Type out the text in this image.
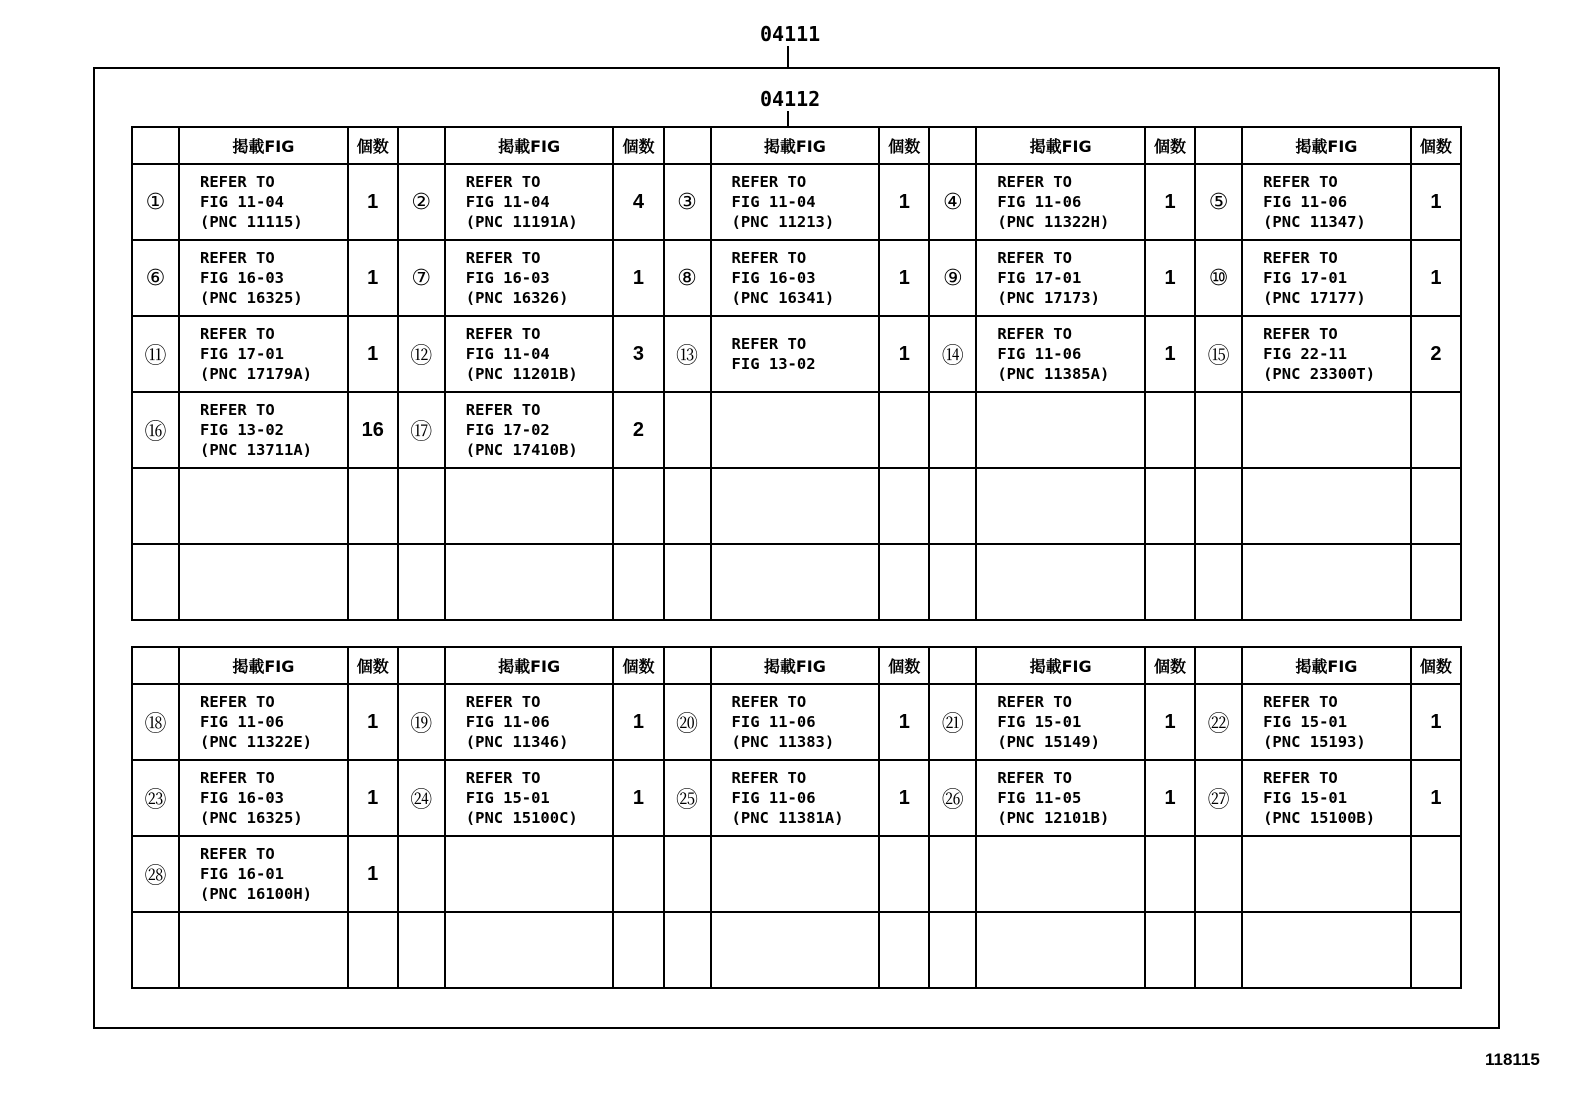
04111
04112
	掲載FIG	個数		掲載FIG	個数		掲載FIG	個数		掲載FIG	個数		掲載FIG	個数
①	REFER TO
FIG 11-04
(PNC 11115)	1	②	REFER TO
FIG 11-04
(PNC 11191A)	4	③	REFER TO
FIG 11-04
(PNC 11213)	1	④	REFER TO
FIG 11-06
(PNC 11322H)	1	⑤	REFER TO
FIG 11-06
(PNC 11347)	1
⑥	REFER TO
FIG 16-03
(PNC 16325)	1	⑦	REFER TO
FIG 16-03
(PNC 16326)	1	⑧	REFER TO
FIG 16-03
(PNC 16341)	1	⑨	REFER TO
FIG 17-01
(PNC 17173)	1	⑩	REFER TO
FIG 17-01
(PNC 17177)	1
⑪	REFER TO
FIG 17-01
(PNC 17179A)	1	⑫	REFER TO
FIG 11-04
(PNC 11201B)	3	⑬	REFER TO
FIG 13-02	1	⑭	REFER TO
FIG 11-06
(PNC 11385A)	1	⑮	REFER TO
FIG 22-11
(PNC 23300T)	2
⑯	REFER TO
FIG 13-02
(PNC 13711A)	16	⑰	REFER TO
FIG 17-02
(PNC 17410B)	2									

	掲載FIG	個数		掲載FIG	個数		掲載FIG	個数		掲載FIG	個数		掲載FIG	個数
⑱	REFER TO
FIG 11-06
(PNC 11322E)	1	⑲	REFER TO
FIG 11-06
(PNC 11346)	1	⑳	REFER TO
FIG 11-06
(PNC 11383)	1	㉑	REFER TO
FIG 15-01
(PNC 15149)	1	㉒	REFER TO
FIG 15-01
(PNC 15193)	1
㉓	REFER TO
FIG 16-03
(PNC 16325)	1	㉔	REFER TO
FIG 15-01
(PNC 15100C)	1	㉕	REFER TO
FIG 11-06
(PNC 11381A)	1	㉖	REFER TO
FIG 11-05
(PNC 12101B)	1	㉗	REFER TO
FIG 15-01
(PNC 15100B)	1
㉘	REFER TO
FIG 16-01
(PNC 16100H)	1												

118115
